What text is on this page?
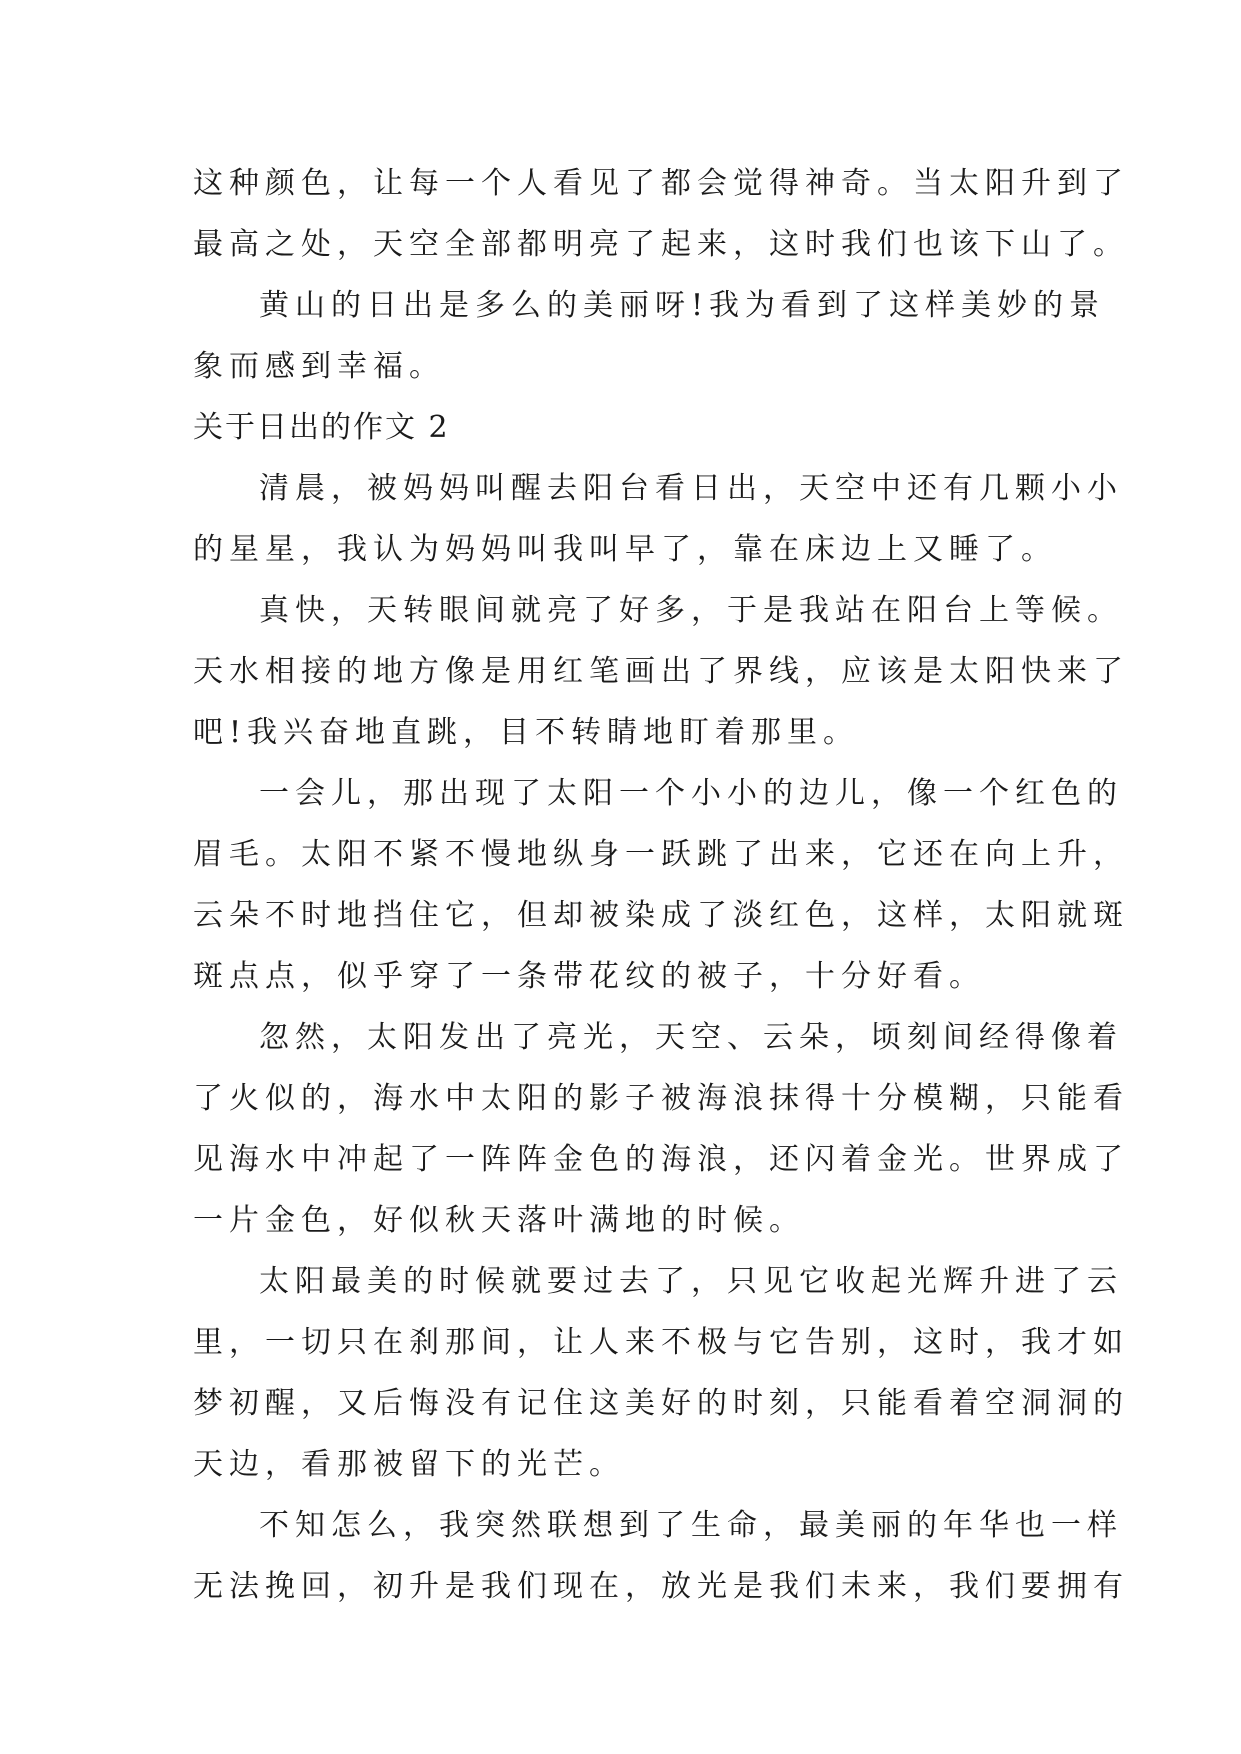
这种颜色，让每一个人看见了都会觉得神奇。当太阳升到了
最高之处，天空全部都明亮了起来，这时我们也该下山了。
黄山的日出是多么的美丽呀!我为看到了这样美妙的景
象而感到幸福。
关于日出的作文 2
清晨，被妈妈叫醒去阳台看日出，天空中还有几颗小小
的星星，我认为妈妈叫我叫早了，靠在床边上又睡了。
真快，天转眼间就亮了好多，于是我站在阳台上等候。
天水相接的地方像是用红笔画出了界线，应该是太阳快来了
吧!我兴奋地直跳，目不转睛地盯着那里。
一会儿，那出现了太阳一个小小的边儿，像一个红色的
眉毛。太阳不紧不慢地纵身一跃跳了出来，它还在向上升，
云朵不时地挡住它，但却被染成了淡红色，这样，太阳就斑
斑点点，似乎穿了一条带花纹的被子，十分好看。
忽然，太阳发出了亮光，天空、云朵，顷刻间经得像着
了火似的，海水中太阳的影子被海浪抹得十分模糊，只能看
见海水中冲起了一阵阵金色的海浪，还闪着金光。世界成了
一片金色，好似秋天落叶满地的时候。
太阳最美的时候就要过去了，只见它收起光辉升进了云
里，一切只在刹那间，让人来不极与它告别，这时，我才如
梦初醒，又后悔没有记住这美好的时刻，只能看着空洞洞的
天边，看那被留下的光芒。
不知怎么，我突然联想到了生命，最美丽的年华也一样
无法挽回，初升是我们现在，放光是我们未来，我们要拥有
